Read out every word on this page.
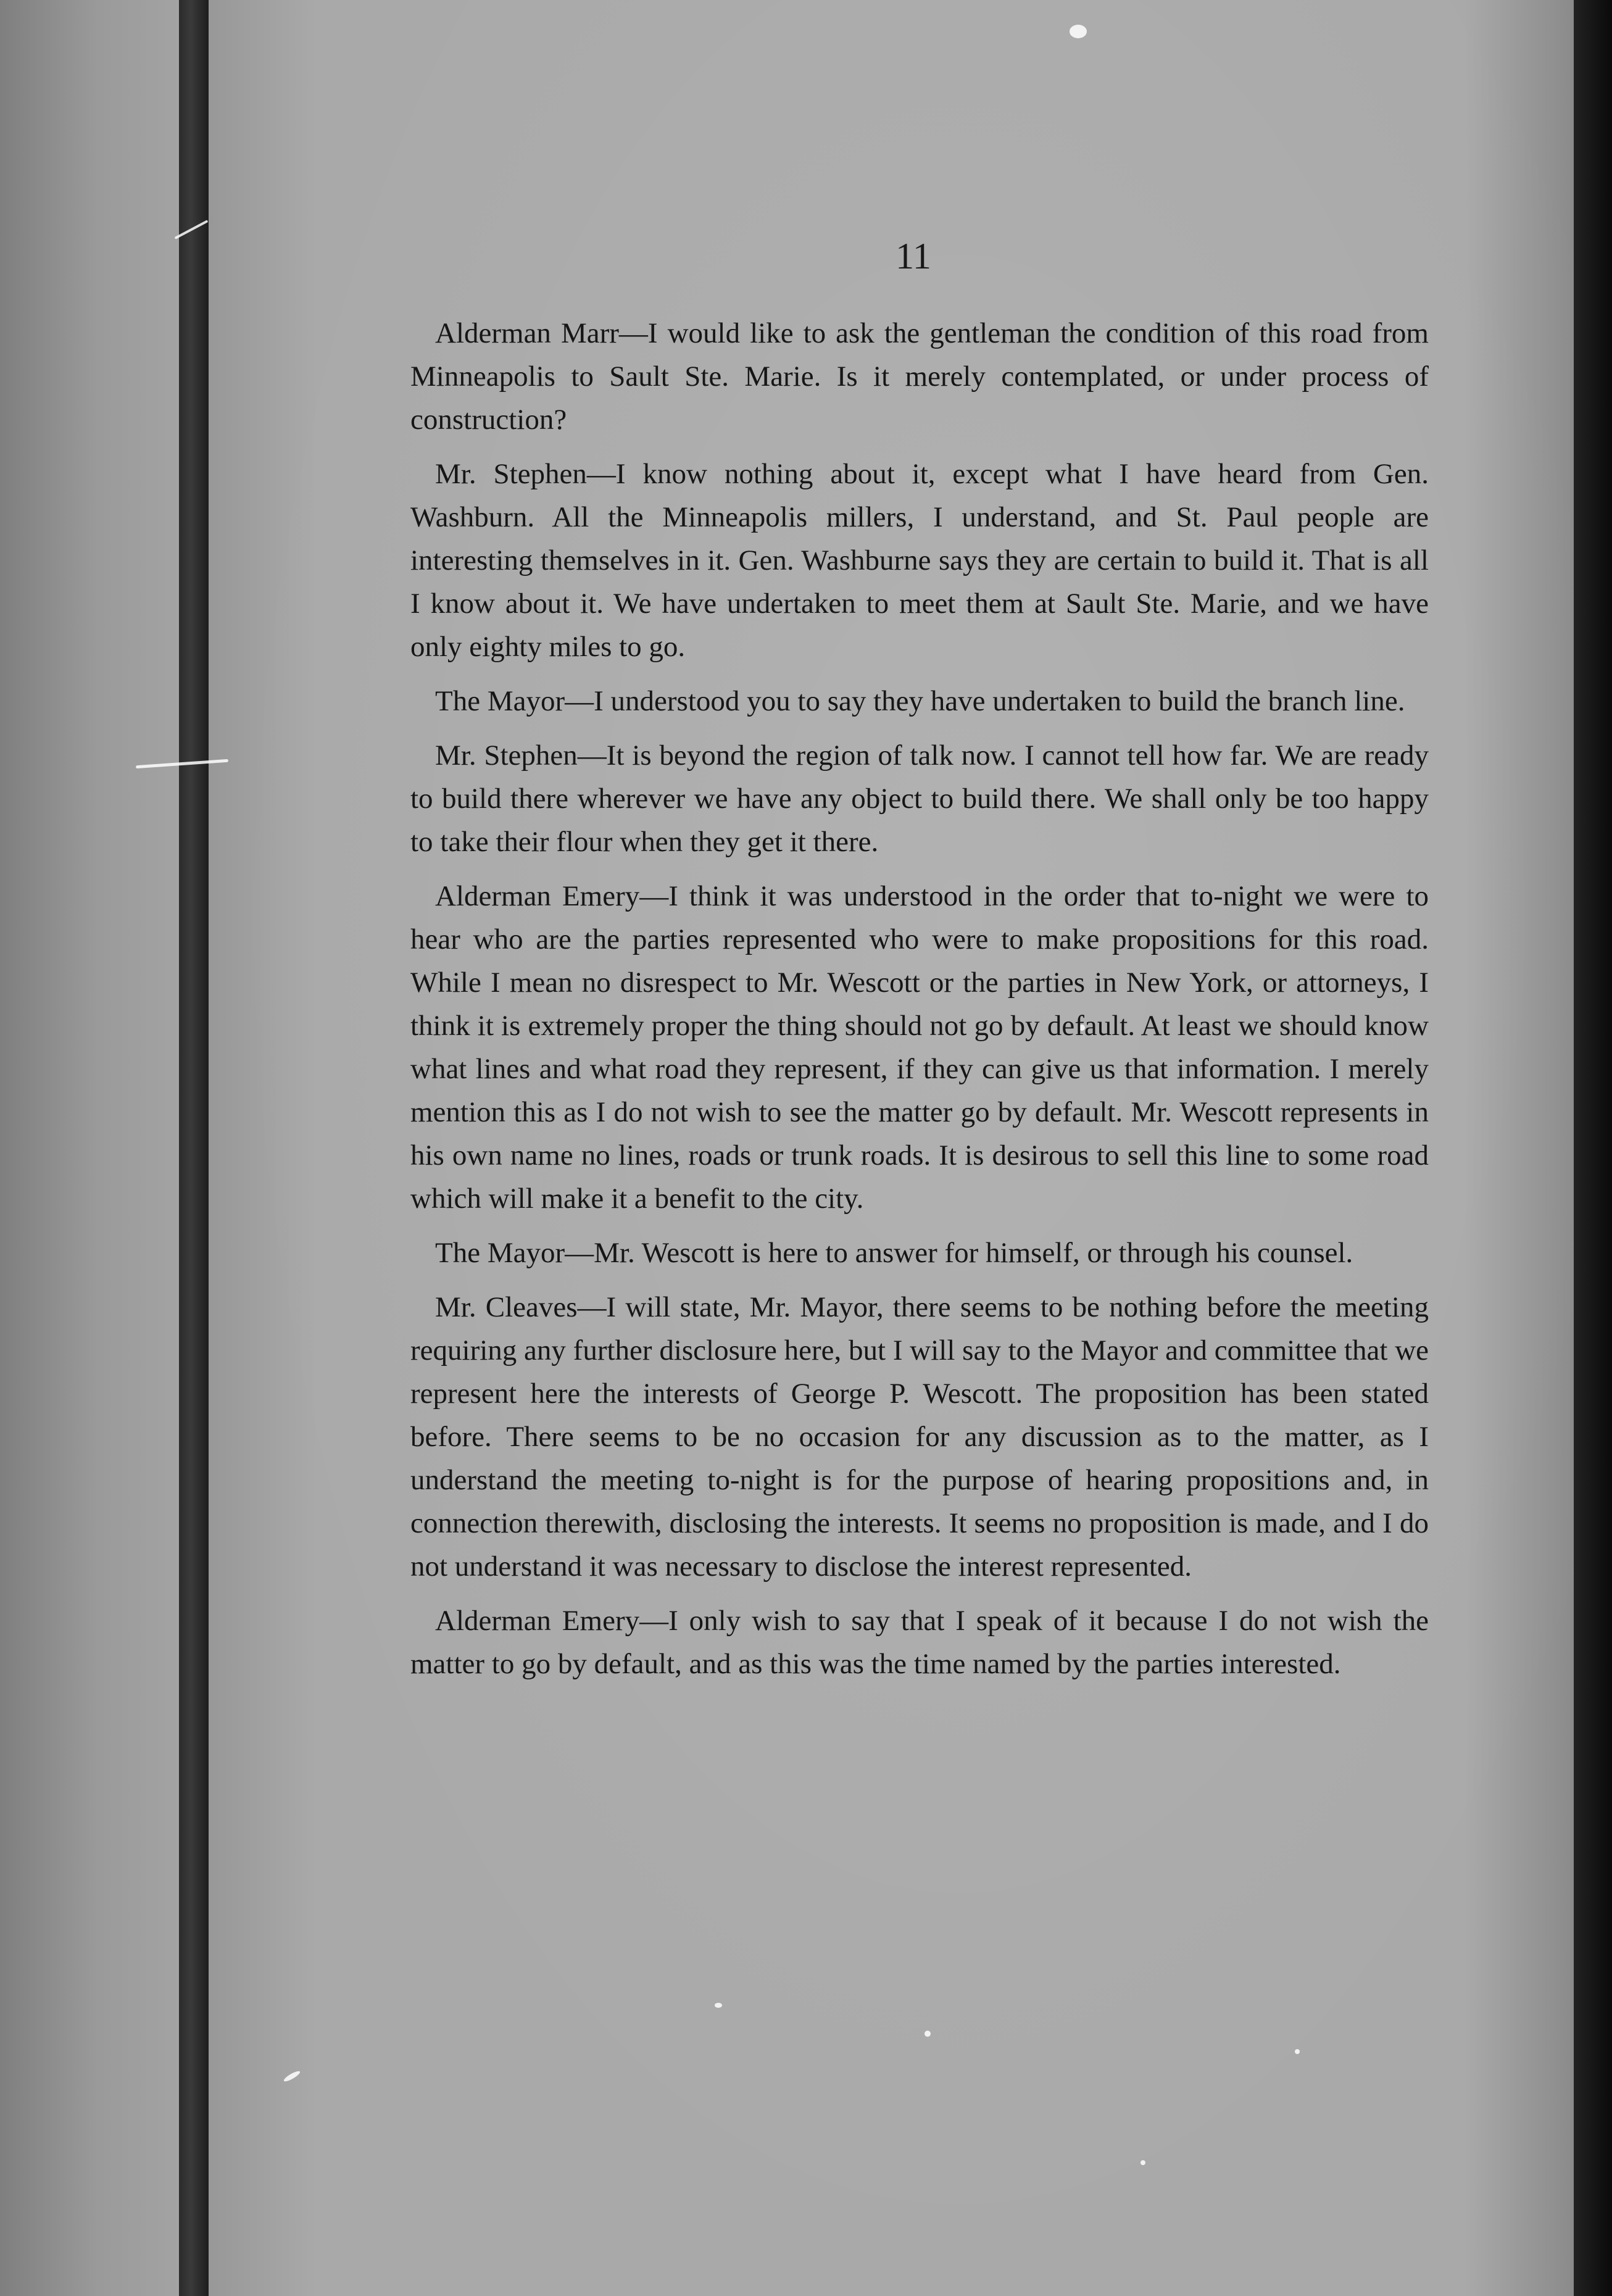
11

Alderman Marr—I would like to ask the gentleman the condition of this road from Minneapolis to Sault Ste. Marie. Is it merely contemplated, or under process of construction?

Mr. Stephen—I know nothing about it, except what I have heard from Gen. Washburn. All the Minneapolis millers, I understand, and St. Paul people are interesting themselves in it. Gen. Washburne says they are certain to build it. That is all I know about it. We have undertaken to meet them at Sault Ste. Marie, and we have only eighty miles to go.

The Mayor—I understood you to say they have undertaken to build the branch line.

Mr. Stephen—It is beyond the region of talk now. I cannot tell how far. We are ready to build there wherever we have any object to build there. We shall only be too happy to take their flour when they get it there.

Alderman Emery—I think it was understood in the order that to-night we were to hear who are the parties represented who were to make propositions for this road. While I mean no disrespect to Mr. Wescott or the parties in New York, or attorneys, I think it is extremely proper the thing should not go by default. At least we should know what lines and what road they represent, if they can give us that information. I merely mention this as I do not wish to see the matter go by default. Mr. Wescott represents in his own name no lines, roads or trunk roads. It is desirous to sell this line to some road which will make it a benefit to the city.

The Mayor—Mr. Wescott is here to answer for himself, or through his counsel.

Mr. Cleaves—I will state, Mr. Mayor, there seems to be nothing before the meeting requiring any further disclosure here, but I will say to the Mayor and committee that we represent here the interests of George P. Wescott. The proposition has been stated before. There seems to be no occasion for any discussion as to the matter, as I understand the meeting to-night is for the purpose of hearing propositions and, in connection therewith, disclosing the interests. It seems no proposition is made, and I do not understand it was necessary to disclose the interest represented.

Alderman Emery—I only wish to say that I speak of it because I do not wish the matter to go by default, and as this was the time named by the parties interested.
